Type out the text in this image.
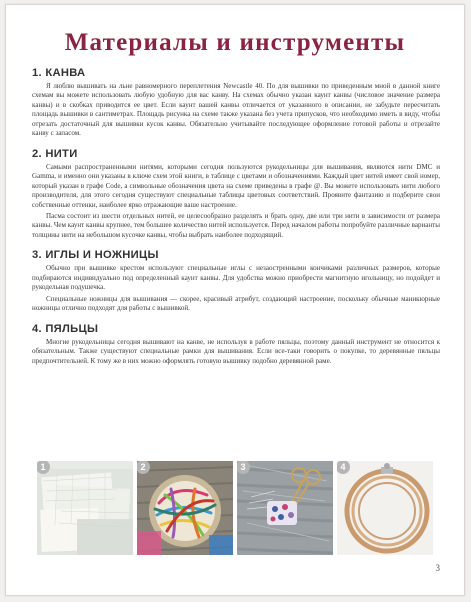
Материалы и инструменты
1. КАНВА

Я люблю вышивать на льне равномерного переплетения Newcastle 40. По для вышивки по приведенным мной в данной книге схемам вы можете использовать любую удобную для вас канву. На схемах обычно указан каунт канвы (числовое значение размера канвы) и в скобках приводится ее цвет. Если каунт вашей канвы отличается от указанного в описании, не забудьте пересчитать площадь вышивки в сантиметрах. Площадь рисунка на схеме также указана без учета припусков, что необходимо иметь в виду, чтобы отрезать достаточный для вышивки кусок канвы. Обязательно учитывайте последующее оформление готовой работы и отрезайте канву с запасом.

2. НИТИ

Самыми распространенными нитями, которыми сегодня пользуются рукодельницы для вышивания, являются нити DMC и Gamma, и именно они указаны в ключе схем этой книги, в таблице с цветами и обозначениями. Каждый цвет нитей имеет свой номер, который указан в графе Code, а символьные обозначения цвета на схеме приведены в графе @. Вы можете использовать нити любого производителя, для этого сегодня существуют специальные таблицы цветовых соответствий. Проявите фантазию и подберите свои собственные оттенки, наиболее ярко отражающие ваше настроение.

Пасма состоит из шести отдельных нитей, ее целесообразно разделять и брать одну, две или три нити в зависимости от размера канвы. Чем каунт канвы крупнее, тем большее количество нитей используется. Перед началом работы попробуйте различные варианты толщины нити на небольшом кусочке канвы, чтобы выбрать наиболее подходящий.

3. ИГЛЫ И НОЖНИЦЫ

Обычно при вышивке крестом используют специальные иглы с незаостренными кончиками различных размеров, которые подбираются индивидуально под определенный каунт канвы. Для удобства можно приобрести магнитную игольницу, но подойдет и рукодельная подушечка.

Специальные ножницы для вышивания — скорее, красивый атрибут, создающий настроение, поскольку обычные маникюрные ножницы отлично подходят для работы с вышивкой.

4. ПЯЛЬЦЫ

Многие рукодельницы сегодня вышивают на канве, не используя в работе пяльцы, поэтому данный инструмент не относится к обязательным. Также существуют специальные рамки для вышивания. Если все-таки говорить о покупке, то деревянные пяльцы предпочтительней. К тому же в них можно оформлять готовую вышивку подобно деревянной раме.

1	2	3	4
3
